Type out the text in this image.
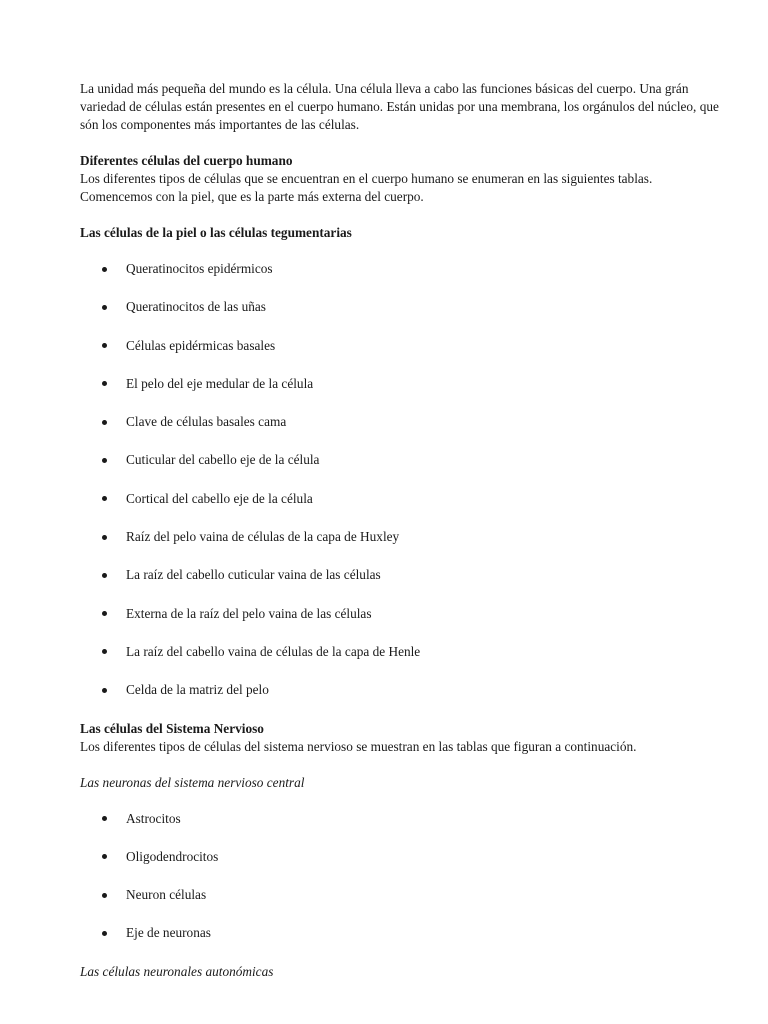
La unidad más pequeña del mundo es la célula. Una célula lleva a cabo las funciones básicas del cuerpo. Una grán variedad de células están presentes en el cuerpo humano. Están unidas por una membrana, los orgánulos del núcleo, que són los componentes más importantes de las células.

Diferentes células del cuerpo humano

Los diferentes tipos de células que se encuentran en el cuerpo humano se enumeran en las siguientes tablas. Comencemos con la piel, que es la parte más externa del cuerpo.

Las células de la piel o las células tegumentarias

Queratinocitos epidérmicos
Queratinocitos de las uñas
Células epidérmicas basales
El pelo del eje medular de la célula
Clave de células basales cama
Cuticular del cabello eje de la célula
Cortical del cabello eje de la célula
Raíz del pelo vaina de células de la capa de Huxley
La raíz del cabello cuticular vaina de las células
Externa de la raíz del pelo vaina de las células
La raíz del cabello vaina de células de la capa de Henle
Celda de la matriz del pelo

Las células del Sistema Nervioso

Los diferentes tipos de células del sistema nervioso se muestran en las tablas que figuran a continuación.

Las neuronas del sistema nervioso central

Astrocitos
Oligodendrocitos
Neuron células
Eje de neuronas

Las células neuronales autonómicas
